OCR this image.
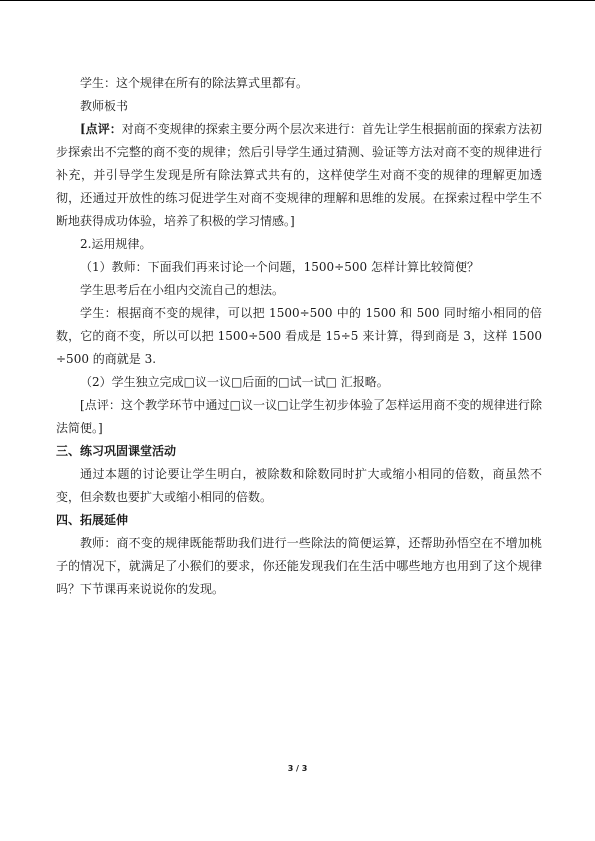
学生：这个规律在所有的除法算式里都有。

教师板书

[点评：对商不变规律的探索主要分两个层次来进行：首先让学生根据前面的探索方法初步探索出不完整的商不变的规律；然后引导学生通过猜测、验证等方法对商不变的规律进行补充，并引导学生发现是所有除法算式共有的，这样使学生对商不变的规律的理解更加透彻，还通过开放性的练习促进学生对商不变规律的理解和思维的发展。在探索过程中学生不断地获得成功体验，培养了积极的学习情感。]

2.运用规律。

（1）教师：下面我们再来讨论一个问题，1500÷500 怎样计算比较简便？

学生思考后在小组内交流自己的想法。

学生：根据商不变的规律，可以把 1500÷500 中的 1500 和 500 同时缩小相同的倍数，它的商不变，所以可以把 1500÷500 看成是 15÷5 来计算，得到商是 3，这样 1500÷500 的商就是 3.

（2）学生独立完成□议一议□后面的□试一试□ 汇报略。

[点评：这个教学环节中通过□议一议□让学生初步体验了怎样运用商不变的规律进行除法简便。]

三、练习巩固课堂活动

通过本题的讨论要让学生明白，被除数和除数同时扩大或缩小相同的倍数，商虽然不变，但余数也要扩大或缩小相同的倍数。

四、拓展延伸

教师：商不变的规律既能帮助我们进行一些除法的简便运算，还帮助孙悟空在不增加桃子的情况下，就满足了小猴们的要求，你还能发现我们在生活中哪些地方也用到了这个规律吗？下节课再来说说你的发现。

3 / 3
